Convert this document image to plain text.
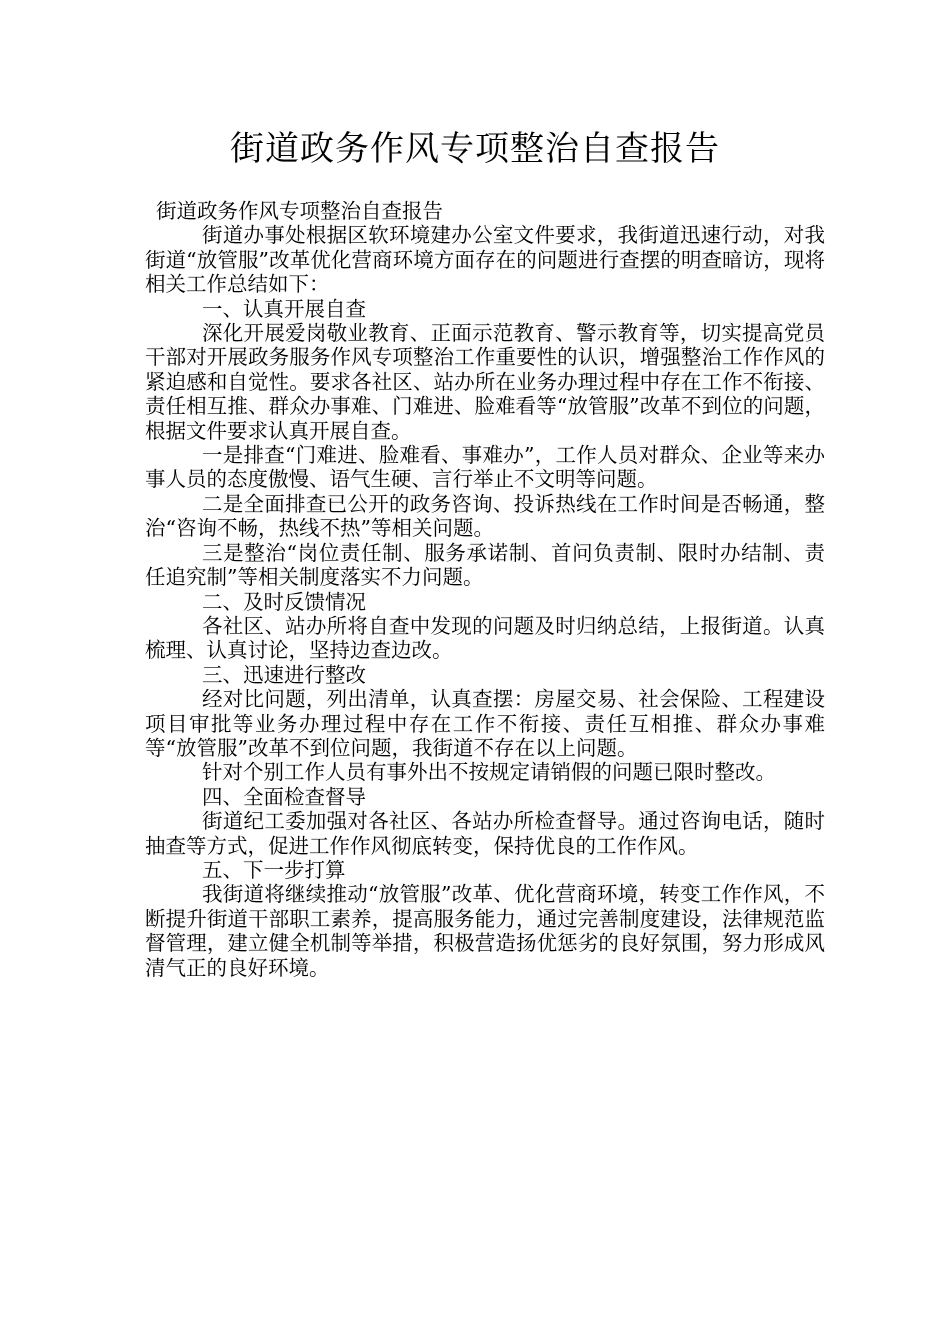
街道政务作风专项整治自查报告

街道政务作风专项整治自查报告

街道办事处根据区软环境建办公室文件要求，我街道迅速行动，对我街道“放管服”改革优化营商环境方面存在的问题进行查摆的明查暗访，现将相关工作总结如下：

一、认真开展自查

深化开展爱岗敬业教育、正面示范教育、警示教育等，切实提高党员干部对开展政务服务作风专项整治工作重要性的认识，增强整治工作作风的紧迫感和自觉性。要求各社区、站办所在业务办理过程中存在工作不衔接、责任相互推、群众办事难、门难进、脸难看等“放管服”改革不到位的问题，根据文件要求认真开展自查。

一是排查“门难进、脸难看、事难办”，工作人员对群众、企业等来办事人员的态度傲慢、语气生硬、言行举止不文明等问题。

二是全面排查已公开的政务咨询、投诉热线在工作时间是否畅通，整治“咨询不畅，热线不热”等相关问题。

三是整治“岗位责任制、服务承诺制、首问负责制、限时办结制、责任追究制”等相关制度落实不力问题。

二、及时反馈情况

各社区、站办所将自查中发现的问题及时归纳总结，上报街道。认真梳理、认真讨论，坚持边查边改。

三、迅速进行整改

经对比问题，列出清单，认真查摆：房屋交易、社会保险、工程建设项目审批等业务办理过程中存在工作不衔接、责任互相推、群众办事难等“放管服”改革不到位问题，我街道不存在以上问题。

针对个别工作人员有事外出不按规定请销假的问题已限时整改。

四、全面检查督导

街道纪工委加强对各社区、各站办所检查督导。通过咨询电话，随时抽查等方式，促进工作作风彻底转变，保持优良的工作作风。

五、下一步打算

我街道将继续推动“放管服”改革、优化营商环境，转变工作作风，不断提升街道干部职工素养，提高服务能力，通过完善制度建设，法律规范监督管理，建立健全机制等举措，积极营造扬优惩劣的良好氛围，努力形成风清气正的良好环境。
